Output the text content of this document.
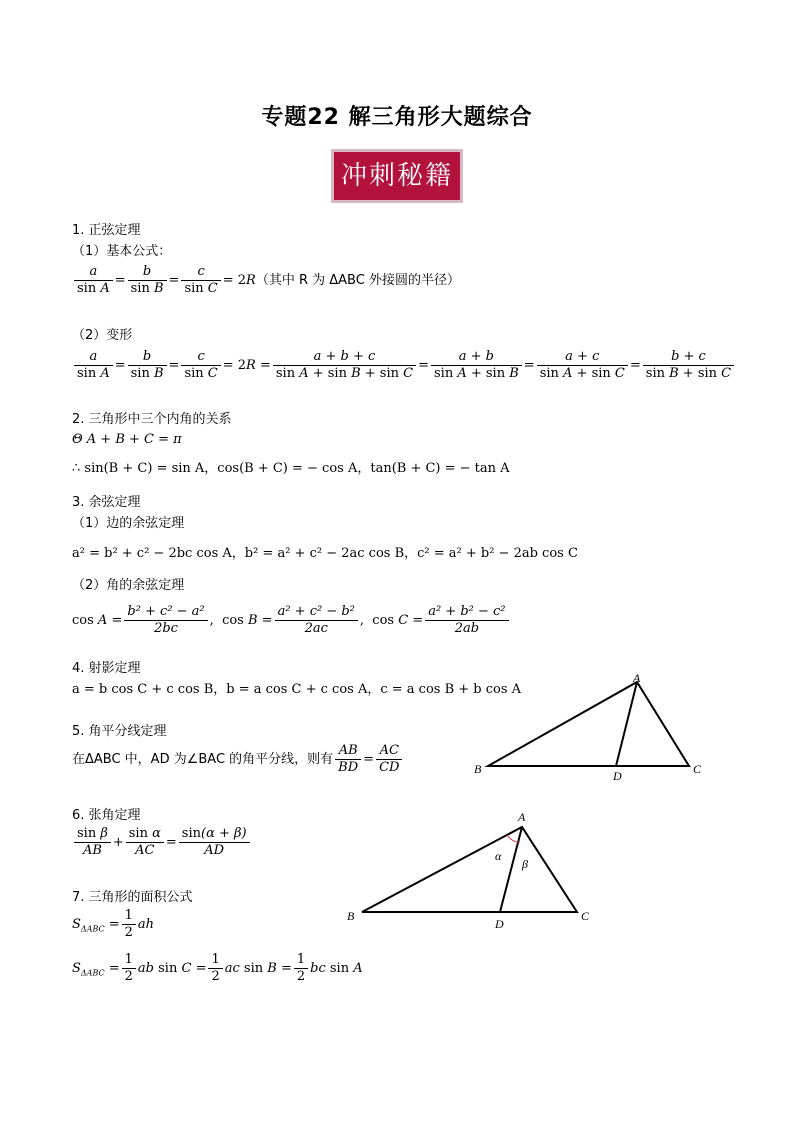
专题22 解三角形大题综合
冲刺秘籍
1. 正弦定理
（1）基本公式：
$\frac{a}{\text{sin A}} = \frac{b}{\text{sin B}} = \frac{c}{\text{sin C}} = 2R$（其中 R 为 ΔABC 外接圆的半径）
（2）变形
$\frac{a}{\text{sin A}} = \frac{b}{\text{sin B}} = \frac{c}{\text{sin C}} = 2R = \frac{a + b + c}{\text{sin A + sin B + sin C}} = \frac{a + b}{\text{sin A + sin B}} = \frac{a + c}{\text{sin A + sin C}} = \frac{b + c}{\text{sin B + sin C}}$
2. 三角形中三个内角的关系
Θ A + B + C = π
∴ sin(B + C) = sin A，cos(B + C) = − cos A，tan(B + C) = − tan A
3. 余弦定理
（1）边的余弦定理
a² = b² + c² − 2bc cos A，b² = a² + c² − 2ac cos B，c² = a² + b² − 2ab cos C
（2）角的余弦定理
$\cos A = \frac{\text{b² + c² − a²}}{2bc}$ ,  $\cos B = \frac{\text{a² + c² − b²}}{2ac}$ ,  $\cos C = \frac{\text{a² + b² − c²}}{2ab}$
4. 射影定理
a = b cos C + c cos B，b = a cos C + c cos A，c = a cos B + b cos A
5. 角平分线定理
在ΔABC 中，AD 为∠BAC 的角平分线，则有 $\frac{AB}{BD} = \frac{AC}{CD}$
6. 张角定理
$\frac{\text{sin β}}{AB} + \frac{\text{sin α}}{AC} = \frac{\sin(\alpha + \beta)}{AD}$
7. 三角形的面积公式
$S_{\Delta ABC} = \frac{1}{2}$ ah
$S_{\Delta ABC} = \frac{1}{2}$ ab $\sin C = \frac{1}{2}$ ac $\sin B = \frac{1}{2}$ bc sin A
A
B	C
D
A
B	C
D
α
β
